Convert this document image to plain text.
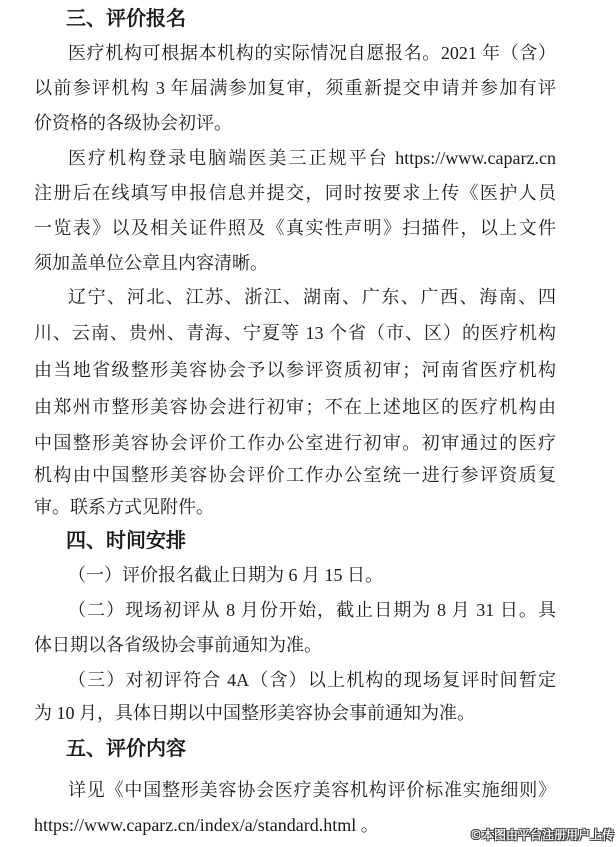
三、评价报名
医疗机构可根据本机构的实际情况自愿报名。2021 年（含）
以前参评机构 3 年届满参加复审，须重新提交申请并参加有评
价资格的各级协会初评。
医疗机构登录电脑端医美三正规平台 https://www.caparz.cn
注册后在线填写申报信息并提交，同时按要求上传《医护人员
一览表》以及相关证件照及《真实性声明》扫描件，以上文件
须加盖单位公章且内容清晰。
辽宁、河北、江苏、浙江、湖南、广东、广西、海南、四
川、云南、贵州、青海、宁夏等 13 个省（市、区）的医疗机构
由当地省级整形美容协会予以参评资质初审；河南省医疗机构
由郑州市整形美容协会进行初审；不在上述地区的医疗机构由
中国整形美容协会评价工作办公室进行初审。初审通过的医疗
机构由中国整形美容协会评价工作办公室统一进行参评资质复
审。联系方式见附件。
四、时间安排
（一）评价报名截止日期为 6 月 15 日。
（二）现场初评从 8 月份开始，截止日期为 8 月 31 日。具
体日期以各省级协会事前通知为准。
（三）对初评符合 4A（含）以上机构的现场复评时间暂定
为 10 月，具体日期以中国整形美容协会事前通知为准。
五、评价内容
详见《中国整形美容协会医疗美容机构评价标准实施细则》
https://www.caparz.cn/index/a/standard.html 。	©本图由平台注册用户上传
